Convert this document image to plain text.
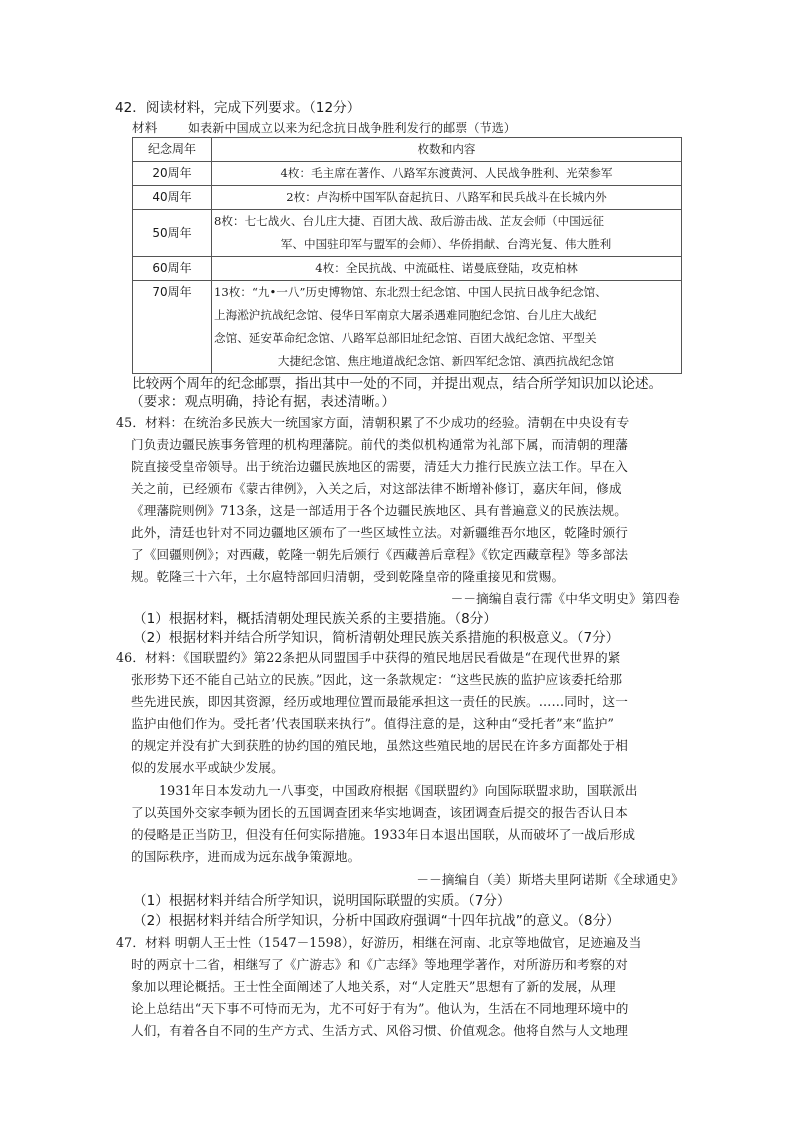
42．阅读材料，完成下列要求。（12分）
材料	如表新中国成立以来为纪念抗日战争胜利发行的邮票（节选）
纪念周年	枚数和内容
20周年	4枚：毛主席在著作、八路军东渡黄河、人民战争胜利、光荣参军
40周年	2枚：卢沟桥中国军队奋起抗日、八路军和民兵战斗在长城内外
50周年	8枚：七七战火、台儿庄大捷、百团大战、敌后游击战、芷友会师（中国远征
军、中国驻印军与盟军的会师）、华侨捐献、台湾光复、伟大胜利

60周年	4枚：全民抗战、中流砥柱、诺曼底登陆，攻克柏林
70周年	13枚：“九•一八”历史博物馆、东北烈士纪念馆、中国人民抗日战争纪念馆、
上海淞沪抗战纪念馆、侵华日军南京大屠杀遇难同胞纪念馆、台儿庄大战纪
念馆、延安革命纪念馆、八路军总部旧址纪念馆、百团大战纪念馆、平型关
大捷纪念馆、焦庄地道战纪念馆、新四军纪念馆、滇西抗战纪念馆
比较两个周年的纪念邮票，指出其中一处的不同，并提出观点，结合所学知识加以论述。
（要求：观点明确，持论有据，表述清晰。）
45．材料：在统治多民族大一统国家方面，清朝积累了不少成功的经验。清朝在中央设有专
门负责边疆民族事务管理的机构理藩院。前代的类似机构通常为礼部下属，而清朝的理藩
院直接受皇帝领导。出于统治边疆民族地区的需要，清廷大力推行民族立法工作。早在入
关之前，已经颁布《蒙古律例》，入关之后，对这部法律不断增补修订，嘉庆年间，修成
《理藩院则例》713条，这是一部适用于各个边疆民族地区、具有普遍意义的民族法规。
此外，清廷也针对不同边疆地区颁布了一些区域性立法。对新疆维吾尔地区，乾隆时颁行
了《回疆则例》；对西藏，乾隆一朝先后颁行《西藏善后章程》《钦定西藏章程》等多部法
规。乾隆三十六年，土尔扈特部回归清朝，受到乾隆皇帝的隆重接见和赏赐。
－－摘编自袁行霈《中华文明史》第四卷
（1）根据材料，概括清朝处理民族关系的主要措施。（8分）
（2）根据材料并结合所学知识，简析清朝处理民族关系措施的积极意义。（7分）
46．材料：《国联盟约》第22条把从同盟国手中获得的殖民地居民看做是“在现代世界的紧
张形势下还不能自己站立的民族。”因此，这一条款规定：“这些民族的监护应该委托给那
些先进民族，即因其资源，经历或地理位置而最能承担这一责任的民族。……同时，这一
监护由他们作为。受托者’代表国联来执行”。值得注意的是，这种由“受托者”来“监护”
的规定并没有扩大到获胜的协约国的殖民地，虽然这些殖民地的居民在许多方面都处于相
似的发展水平或缺少发展。
1931年日本发动九一八事变，中国政府根据《国联盟约》向国际联盟求助，国联派出
了以英国外交家李顿为团长的五国调查团来华实地调查，该团调查后提交的报告否认日本
的侵略是正当防卫，但没有任何实际措施。1933年日本退出国联，从而破坏了一战后形成
的国际秩序，进而成为远东战争策源地。
－－摘编自（美）斯塔夫里阿诺斯《全球通史》
（1）根据材料并结合所学知识，说明国际联盟的实质。（7分）
（2）根据材料并结合所学知识，分析中国政府强调“十四年抗战”的意义。（8分）
47．材料 明朝人王士性（1547－1598），好游历，相继在河南、北京等地做官，足迹遍及当
时的两京十二省，相继写了《广游志》和《广志绎》等地理学著作，对所游历和考察的对
象加以理论概括。王士性全面阐述了人地关系，对“人定胜天”思想有了新的发展，从理
论上总结出“天下事不可恃而无为，尤不可好于有为”。他认为，生活在不同地理环境中的
人们，有着各自不同的生产方式、生活方式、风俗习惯、价值观念。他将自然与人文地理
